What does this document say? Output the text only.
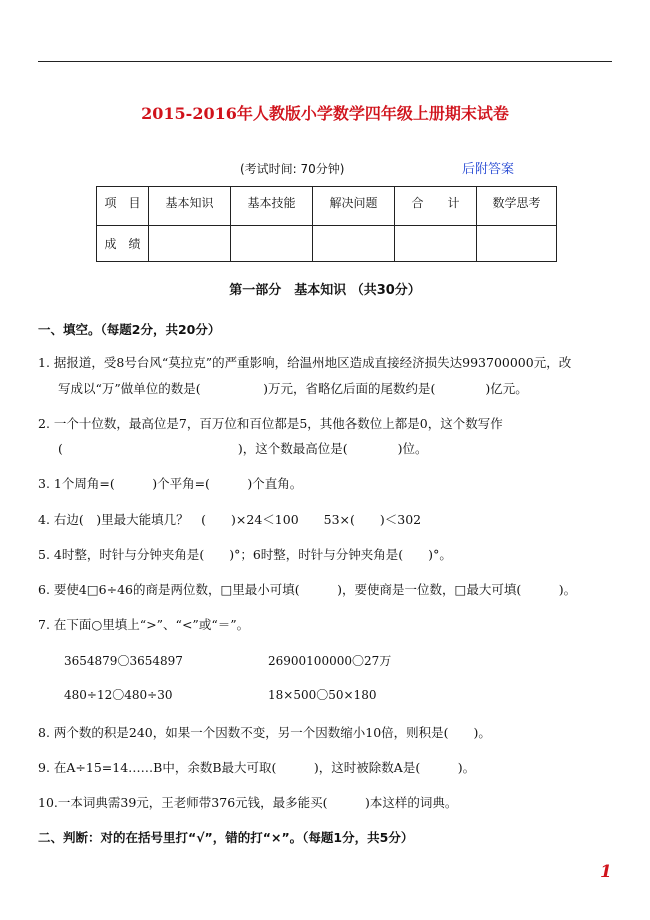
2015-2016年人教版小学数学四年级上册期末试卷
(考试时间: 70分钟)	后附答案
项　目	基本知识	基本技能	解决问题	合　　计	数学思考
成　绩					
第一部分　基本知识 （共30分）
一、填空。（每题2分，共20分）
1. 据报道，受8号台风“莫拉克”的严重影响，给温州地区造成直接经济损失达993700000元，改
写成以“万”做单位的数是(　　　　　)万元，省略亿后面的尾数约是(　　　　)亿元。
2. 一个十位数，最高位是7，百万位和百位都是5，其他各数位上都是0，这个数写作
(　　　　　　　　　　　　　　)，这个数最高位是(　　　　)位。
3. 1个周角=(　　　)个平角=(　　　)个直角。
4. 右边(　)里最大能填几？　(　　)×24＜100　　53×(　　)＜302
5. 4时整，时针与分钟夹角是(　　)°；6时整，时针与分钟夹角是(　　)°。
6. 要使4□6÷46的商是两位数，□里最小可填(　　　)，要使商是一位数，□最大可填(　　　)。
7. 在下面○里填上“>”、“<”或“＝”。
3654879〇3654897	26900100000〇27万
480÷12〇480÷30	18×500〇50×180
8. 两个数的积是240，如果一个因数不变，另一个因数缩小10倍，则积是(　　)。
9. 在A÷15=14……B中，余数B最大可取(　　　)，这时被除数A是(　　　)。
10.一本词典需39元，王老师带376元钱，最多能买(　　　)本这样的词典。
二、判断：对的在括号里打“√”，错的打“×”。（每题1分，共5分）
1
